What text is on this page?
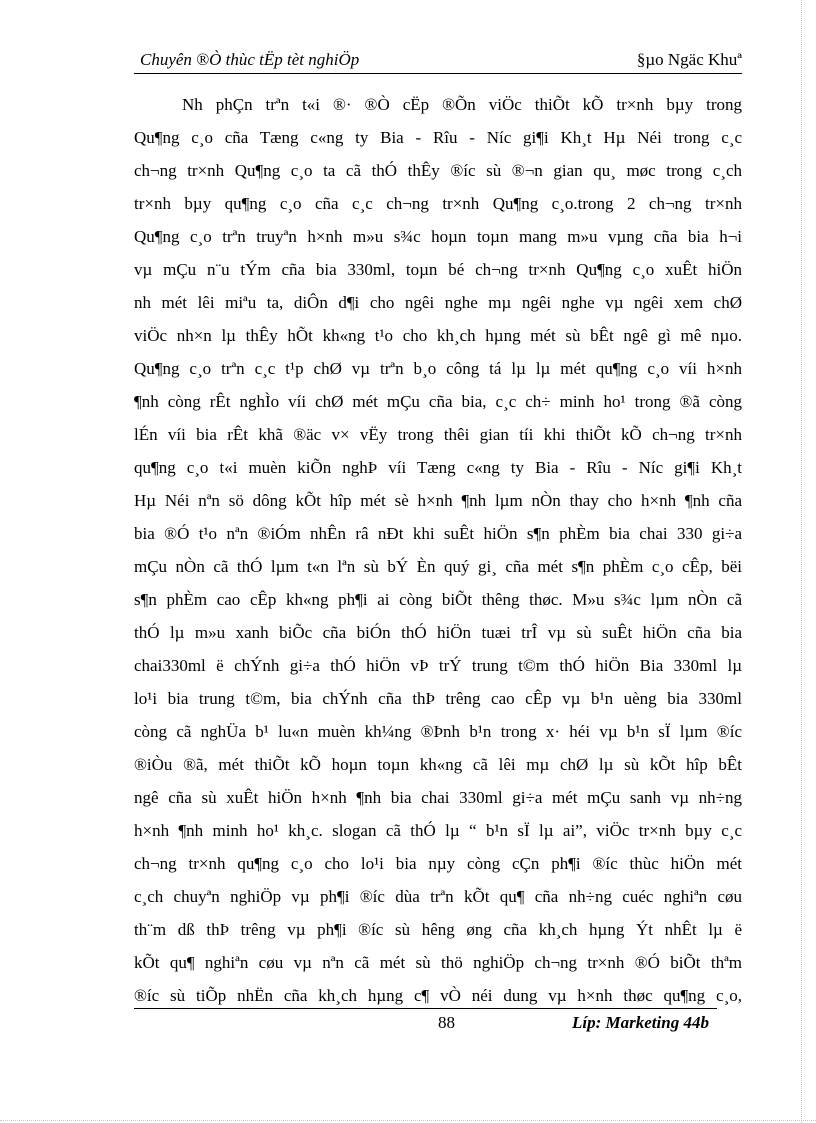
Chuyên ®Ò thùc tËp tèt nghiÖp	§µo Ngäc Khuª
Nh phÇn trªn t«i ®· ®Ò cËp ®Õn viÖc thiÕt kÕ tr×nh bµy trong
Qu¶ng c¸o cña Tæng c«ng ty Bia - Rîu - Níc gi¶i Kh¸t Hµ Néi trong c¸c
ch¬ng tr×nh Qu¶ng c¸o ta cã thÓ thÊy ®íc sù ®¬n gian qu¸ møc trong c¸ch
tr×nh bµy qu¶ng c¸o cña c¸c ch¬ng tr×nh Qu¶ng c¸o.trong 2 ch¬ng tr×nh
Qu¶ng c¸o trªn truyªn h×nh m»u s¾c hoµn toµn mang m»u vµng cña bia h¬i
vµ mÇu n¨u tÝm cña bia 330ml, toµn bé ch¬ng tr×nh Qu¶ng c¸o xuÊt hiÖn
nh mét lêi miªu ta, diÔn d¶i cho ngêi nghe mµ ngêi nghe vµ ngêi xem chØ
viÖc nh×n lµ thÊy hÕt kh«ng t¹o cho kh¸ch hµng mét sù bÊt ngê gì mê nµo.
Qu¶ng c¸o trªn c¸c t¹p chØ vµ trªn b¸o công tá lµ lµ mét qu¶ng c¸o víi h×nh
¶nh còng rÊt nghÌo víi chØ mét mÇu cña bia, c¸c ch÷ minh ho¹ trong ®ã còng
lÉn víi bia rÊt khã ®äc v× vËy trong thêi gian tíi khi thiÕt kÕ ch¬ng tr×nh
qu¶ng c¸o t«i muèn kiÕn nghÞ víi Tæng c«ng ty Bia - Rîu - Níc gi¶i Kh¸t
Hµ Néi nªn sö dông kÕt hîp mét sè h×nh ¶nh lµm nÒn thay cho h×nh ¶nh cña
bia ®Ó t¹o nªn ®iÓm nhÊn râ nÐt khi suÊt hiÖn s¶n phÈm bia chai 330 gi÷a
mÇu nÒn cã thÓ lµm t«n lªn sù bÝ Èn quý gi¸ cña mét s¶n phÈm c¸o cÊp, bëi
s¶n phÈm cao cÊp kh«ng ph¶i ai còng biÕt thêng thøc. M»u s¾c lµm nÒn cã
thÓ lµ m»u xanh biÕc cña biÓn thÓ hiÖn tuæi trÎ vµ sù suÊt hiÖn cña bia
chai330ml ë chÝnh gi÷a thÓ hiÖn vÞ trÝ trung t©m thÓ hiÖn Bia 330ml lµ
lo¹i bia trung t©m, bia chÝnh cña thÞ trêng cao cÊp vµ b¹n uèng bia 330ml
còng cã nghÜa b¹ lu«n muèn kh¼ng ®Þnh b¹n trong x· héi vµ b¹n sÏ lµm ®íc
®iÒu ®ã, mét thiÕt kÕ hoµn toµn kh«ng cã lêi mµ chØ lµ sù kÕt hîp bÊt
ngê cña sù xuÊt hiÖn h×nh ¶nh bia chai 330ml gi÷a mét mÇu sanh vµ nh÷ng
h×nh ¶nh minh ho¹ kh¸c. slogan cã thÓ lµ “ b¹n sÏ lµ ai”, viÖc tr×nh bµy c¸c
ch¬ng tr×nh qu¶ng c¸o cho lo¹i bia nµy còng cÇn ph¶i ®íc thùc hiÖn mét
c¸ch chuyªn nghiÖp vµ ph¶i ®íc dùa trªn kÕt qu¶ cña nh÷ng cuéc nghiªn cøu
th¨m dß thÞ trêng vµ ph¶i ®íc sù hêng øng cña kh¸ch hµng Ýt nhÊt lµ ë
kÕt qu¶ nghiªn cøu vµ nªn cã mét sù thö nghiÖp ch¬ng tr×nh ®Ó biÕt thªm
®íc sù tiÕp nhËn cña kh¸ch hµng c¶ vÒ néi dung vµ h×nh thøc qu¶ng c¸o,
88	Líp: Marketing 44b
